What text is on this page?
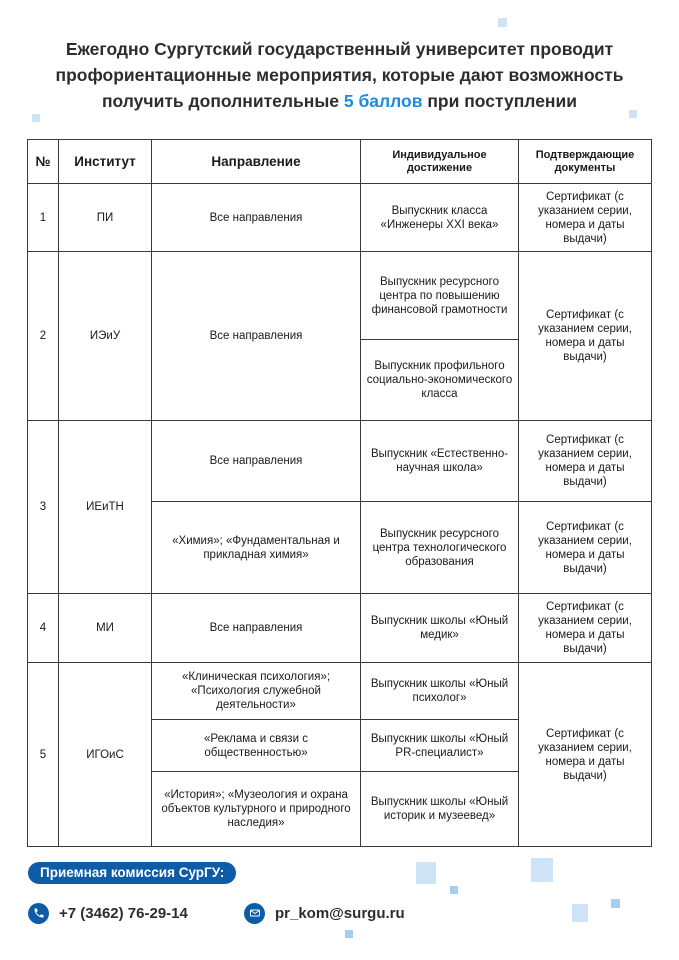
Ежегодно Сургутский государственный университет проводит
профориентационные мероприятия, которые дают возможность
получить дополнительные 5 баллов при поступлении
№	Институт	Направление	Индивидуальное достижение	Подтверждающие документы
1	ПИ	Все направления	Выпускник класса «Инженеры XXI века»	Сертификат (с указанием серии, номера и даты выдачи)
2	ИЭиУ	Все направления	Выпускник ресурсного центра по повышению финансовой грамотности	Сертификат (с указанием серии, номера и даты выдачи)
			Выпускник профильного социально-экономического класса	
3	ИЕиТН	Все направления	Выпускник «Естественно-научная школа»	Сертификат (с указанием серии, номера и даты выдачи)
		«Химия»; «Фундаментальная и прикладная химия»	Выпускник ресурсного центра технологического образования	Сертификат (с указанием серии, номера и даты выдачи)
4	МИ	Все направления	Выпускник школы «Юный медик»	Сертификат (с указанием серии, номера и даты выдачи)
5	ИГОиС	«Клиническая психология»; «Психология служебной деятельности»	Выпускник школы «Юный психолог»	Сертификат (с указанием серии, номера и даты выдачи)
		«Реклама и связи с общественностью»	Выпускник школы «Юный PR-специалист»	
		«История»; «Музеология и охрана объектов культурного и природного наследия»	Выпускник школы «Юный историк и музеевед»	
Приемная комиссия СурГУ:
+7 (3462) 76-29-14	pr_kom@surgu.ru
